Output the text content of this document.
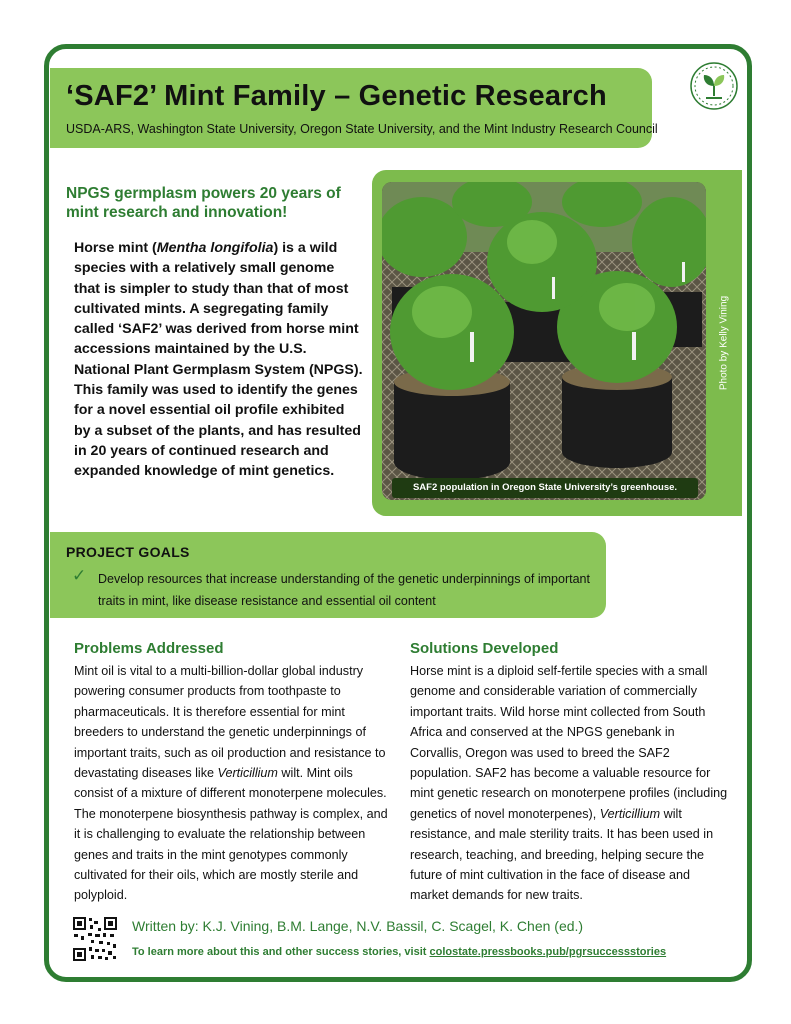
‘SAF2’ Mint Family – Genetic Research
USDA-ARS, Washington State University, Oregon State University, and the Mint Industry Research Council
NPGS germplasm powers 20 years of mint research and innovation!
Horse mint (Mentha longifolia) is a wild species with a relatively small genome that is simpler to study than that of most cultivated mints. A segregating family called ‘SAF2’ was derived from horse mint accessions maintained by the U.S. National Plant Germplasm System (NPGS). This family was used to identify the genes for a novel essential oil profile exhibited by a subset of the plants, and has resulted in 20 years of continued research and expanded knowledge of mint genetics.
SAF2 population in Oregon State University’s greenhouse.
Photo by Kelly Vining
PROJECT GOALS
✓ Develop resources that increase understanding of the genetic underpinnings of important traits in mint, like disease resistance and essential oil content
Problems Addressed

Mint oil is vital to a multi-billion-dollar global industry powering consumer products from toothpaste to pharmaceuticals. It is therefore essential for mint breeders to understand the genetic underpinnings of important traits, such as oil production and resistance to devastating diseases like Verticillium wilt. Mint oils consist of a mixture of different monoterpene molecules. The monoterpene biosynthesis pathway is complex, and it is challenging to evaluate the relationship between genes and traits in the mint genotypes commonly cultivated for their oils, which are mostly sterile and polyploid.

Solutions Developed

Horse mint is a diploid self-fertile species with a small genome and considerable variation of commercially important traits. Wild horse mint collected from South Africa and conserved at the NPGS genebank in Corvallis, Oregon was used to breed the SAF2 population. SAF2 has become a valuable resource for mint genetic research on monoterpene profiles (including genetics of novel monoterpenes), Verticillium wilt resistance, and male sterility traits. It has been used in research, teaching, and breeding, helping secure the future of mint cultivation in the face of disease and market demands for new traits.

Written by: K.J. Vining, B.M. Lange, N.V. Bassil, C. Scagel, K. Chen (ed.)
To learn more about this and other success stories, visit colostate.pressbooks.pub/pgrsuccessstories
